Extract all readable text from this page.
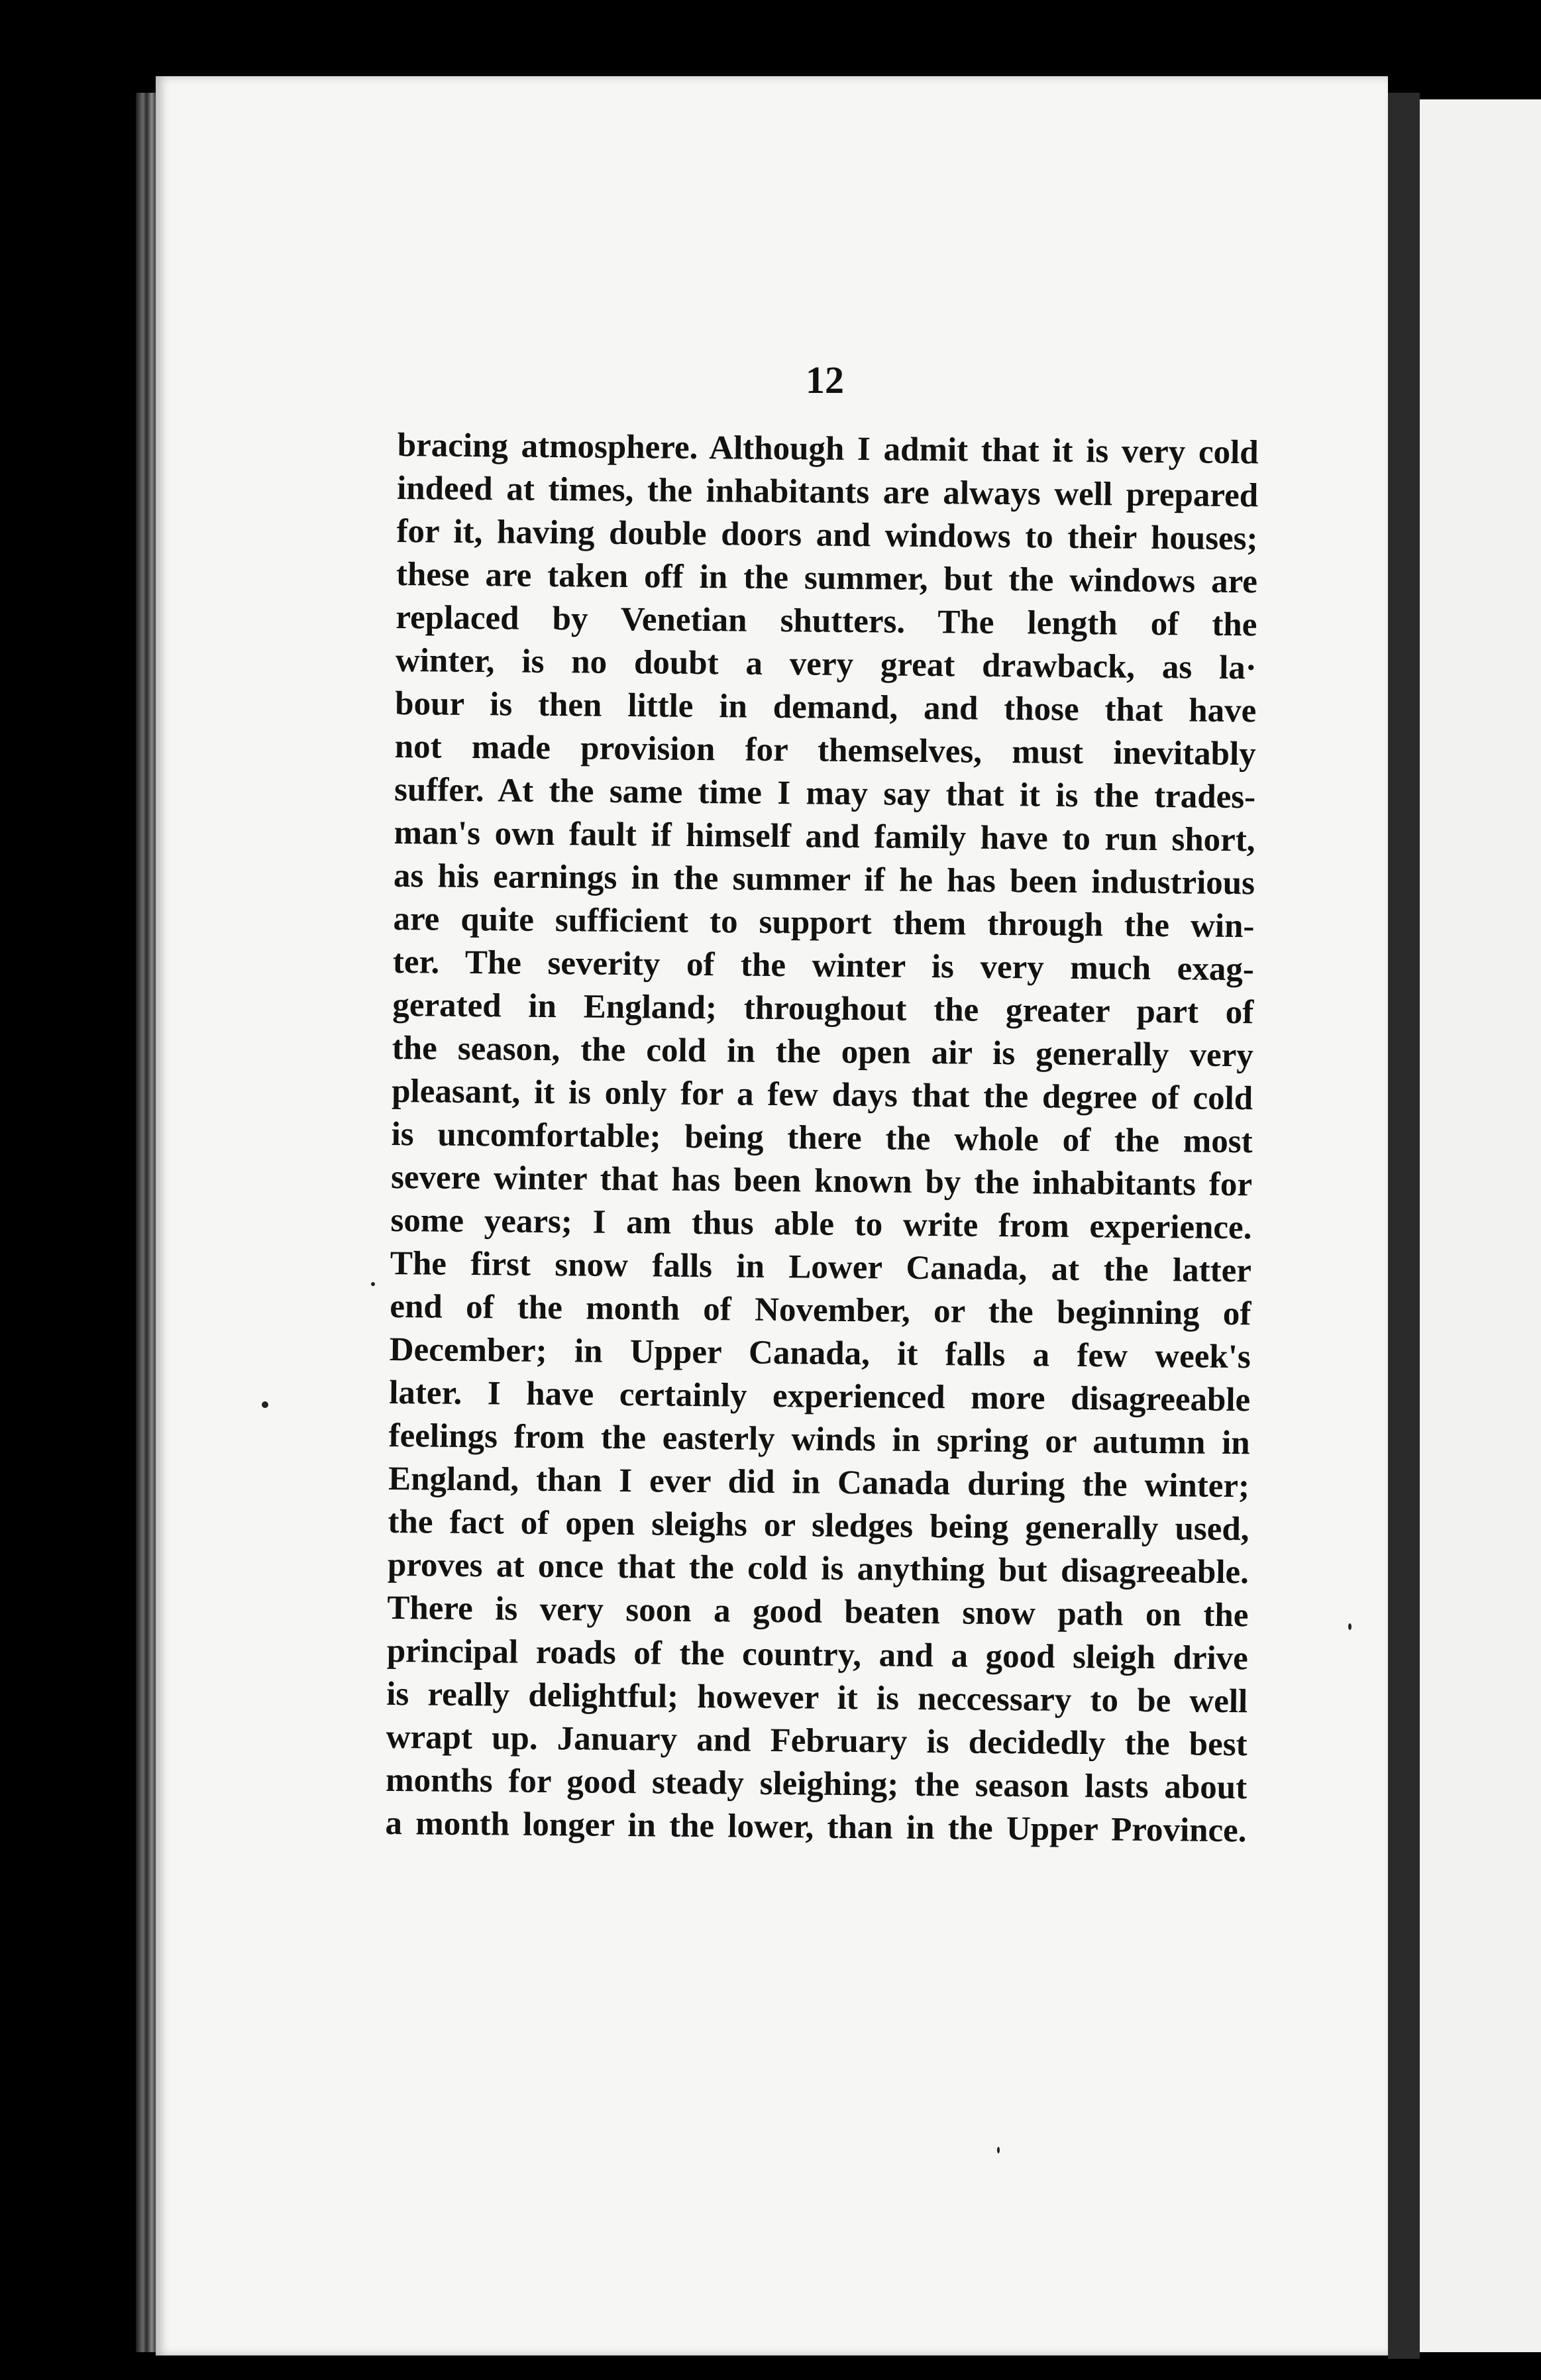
12
bracing atmosphere. Although I admit that it is very cold
indeed at times, the inhabitants are always well prepared
for it, having double doors and windows to their houses;
these are taken off in the summer, but the windows are
replaced by Venetian shutters. The length of the
winter, is no doubt a very great drawback, as la·
bour is then little in demand, and those that have
not made provision for themselves, must inevitably
suffer. At the same time I may say that it is the trades-
man's own fault if himself and family have to run short,
as his earnings in the summer if he has been industrious
are quite sufficient to support them through the win-
ter. The severity of the winter is very much exag-
gerated in England; throughout the greater part of
the season, the cold in the open air is generally very
pleasant, it is only for a few days that the degree of cold
is uncomfortable; being there the whole of the most
severe winter that has been known by the inhabitants for
some years; I am thus able to write from experience.
The first snow falls in Lower Canada, at the latter
end of the month of November, or the beginning of
December; in Upper Canada, it falls a few week's
later. I have certainly experienced more disagreeable
feelings from the easterly winds in spring or autumn in
England, than I ever did in Canada during the winter;
the fact of open sleighs or sledges being generally used,
proves at once that the cold is anything but disagreeable.
There is very soon a good beaten snow path on the
principal roads of the country, and a good sleigh drive
is really delightful; however it is neccessary to be well
wrapt up. January and February is decidedly the best
months for good steady sleighing; the season lasts about
a month longer in the lower, than in the Upper Province.
